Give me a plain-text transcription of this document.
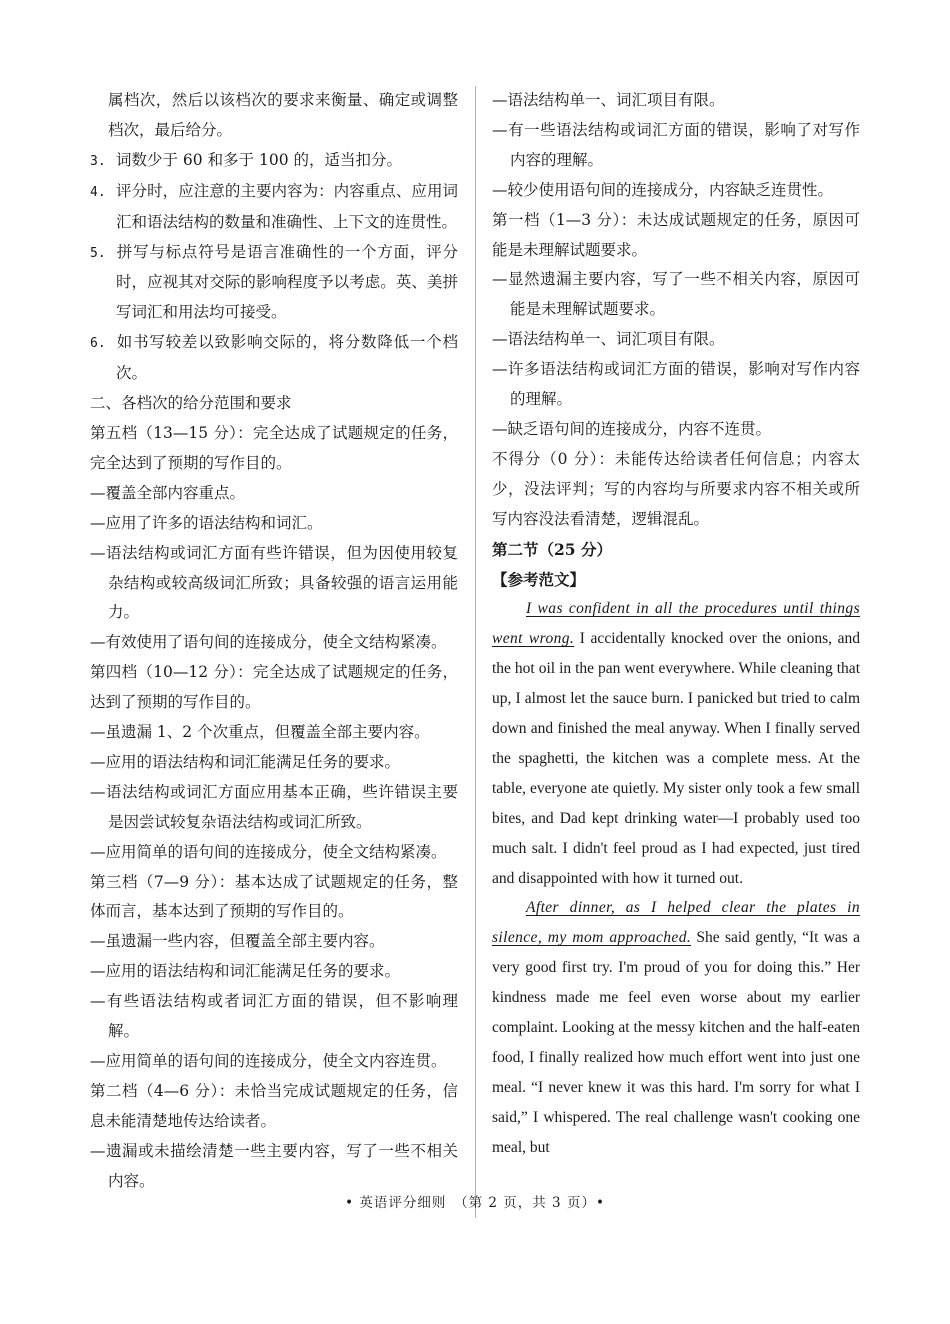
属档次，然后以该档次的要求来衡量、确定或调整档次，最后给分。

3. 词数少于 60 和多于 100 的，适当扣分。

4. 评分时，应注意的主要内容为：内容重点、应用词汇和语法结构的数量和准确性、上下文的连贯性。

5. 拼写与标点符号是语言准确性的一个方面，评分时，应视其对交际的影响程度予以考虑。英、美拼写词汇和用法均可接受。

6. 如书写较差以致影响交际的，将分数降低一个档次。

二、各档次的给分范围和要求

第五档（13—15 分）：完全达成了试题规定的任务，完全达到了预期的写作目的。

—覆盖全部内容重点。

—应用了许多的语法结构和词汇。

—语法结构或词汇方面有些许错误，但为因使用较复杂结构或较高级词汇所致；具备较强的语言运用能力。

—有效使用了语句间的连接成分，使全文结构紧凑。

第四档（10—12 分）：完全达成了试题规定的任务，达到了预期的写作目的。

—虽遗漏 1、2 个次重点，但覆盖全部主要内容。

—应用的语法结构和词汇能满足任务的要求。

—语法结构或词汇方面应用基本正确，些许错误主要是因尝试较复杂语法结构或词汇所致。

—应用简单的语句间的连接成分，使全文结构紧凑。

第三档（7—9 分）：基本达成了试题规定的任务，整体而言，基本达到了预期的写作目的。

—虽遗漏一些内容，但覆盖全部主要内容。

—应用的语法结构和词汇能满足任务的要求。

—有些语法结构或者词汇方面的错误，但不影响理解。

—应用简单的语句间的连接成分，使全文内容连贯。

第二档（4—6 分）：未恰当完成试题规定的任务，信息未能清楚地传达给读者。

—遗漏或未描绘清楚一些主要内容，写了一些不相关内容。

—语法结构单一、词汇项目有限。

—有一些语法结构或词汇方面的错误，影响了对写作内容的理解。

—较少使用语句间的连接成分，内容缺乏连贯性。

第一档（1—3 分）：未达成试题规定的任务，原因可能是未理解试题要求。

—显然遗漏主要内容，写了一些不相关内容，原因可能是未理解试题要求。

—语法结构单一、词汇项目有限。

—许多语法结构或词汇方面的错误，影响对写作内容的理解。

—缺乏语句间的连接成分，内容不连贯。

不得分（0 分）：未能传达给读者任何信息；内容太少，没法评判；写的内容均与所要求内容不相关或所写内容没法看清楚，逻辑混乱。

第二节（25 分）

【参考范文】

I was confident in all the procedures until things went wrong. I accidentally knocked over the onions, and the hot oil in the pan went everywhere. While cleaning that up, I almost let the sauce burn. I panicked but tried to calm down and finished the meal anyway. When I finally served the spaghetti, the kitchen was a complete mess. At the table, everyone ate quietly. My sister only took a few small bites, and Dad kept drinking water—I probably used too much salt. I didn't feel proud as I had expected, just tired and disappointed with how it turned out.

After dinner, as I helped clear the plates in silence, my mom approached. She said gently, “It was a very good first try. I'm proud of you for doing this.” Her kindness made me feel even worse about my earlier complaint. Looking at the messy kitchen and the half-eaten food, I finally realized how much effort went into just one meal. “I never knew it was this hard. I'm sorry for what I said,” I whispered. The real challenge wasn't cooking one meal, but

• 英语评分细则　（第 2 页，共 3 页）•
